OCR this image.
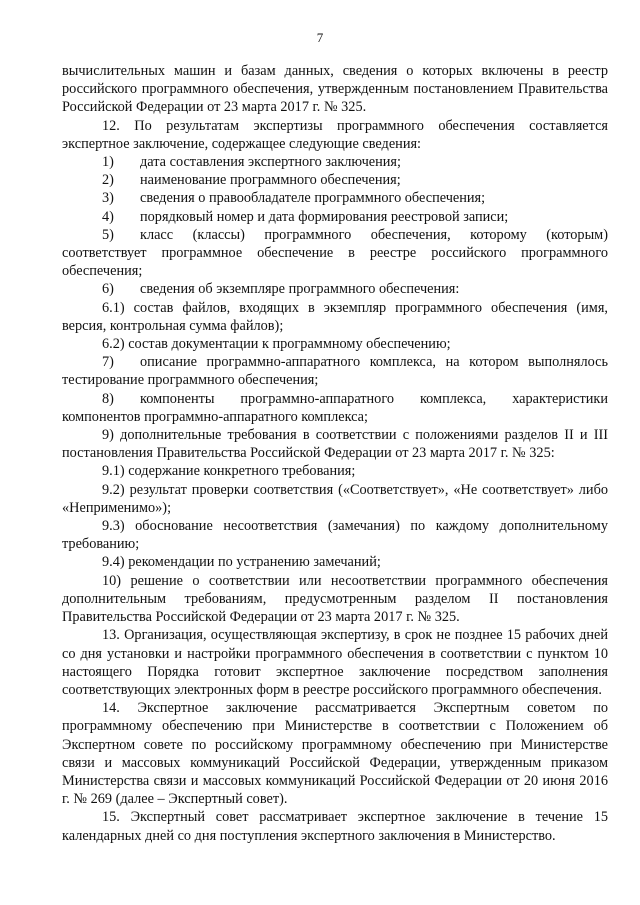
7

вычислительных машин и базам данных, сведения о которых включены в реестр российского программного обеспечения, утвержденным постановлением Правительства Российской Федерации от 23 марта 2017 г. № 325.

12. По результатам экспертизы программного обеспечения составляется экспертное заключение, содержащее следующие сведения:

1) дата составления экспертного заключения;

2) наименование программного обеспечения;

3) сведения о правообладателе программного обеспечения;

4) порядковый номер и дата формирования реестровой записи;

5) класс (классы) программного обеспечения, которому (которым) соответствует программное обеспечение в реестре российского программного обеспечения;

6) сведения об экземпляре программного обеспечения:

6.1) состав файлов, входящих в экземпляр программного обеспечения (имя, версия, контрольная сумма файлов);

6.2) состав документации к программному обеспечению;

7) описание программно-аппаратного комплекса, на котором выполнялось тестирование программного обеспечения;

8) компоненты программно-аппаратного комплекса, характеристики компонентов программно-аппаратного комплекса;

9) дополнительные требования в соответствии с положениями разделов II и III постановления Правительства Российской Федерации от 23 марта 2017 г. № 325:

9.1) содержание конкретного требования;

9.2) результат проверки соответствия («Соответствует», «Не соответствует» либо «Неприменимо»);

9.3) обоснование несоответствия (замечания) по каждому дополнительному требованию;

9.4) рекомендации по устранению замечаний;

10) решение о соответствии или несоответствии программного обеспечения дополнительным требованиям, предусмотренным разделом II постановления Правительства Российской Федерации от 23 марта 2017 г. № 325.

13. Организация, осуществляющая экспертизу, в срок не позднее 15 рабочих дней со дня установки и настройки программного обеспечения в соответствии с пунктом 10 настоящего Порядка готовит экспертное заключение посредством заполнения соответствующих электронных форм в реестре российского программного обеспечения.

14. Экспертное заключение рассматривается Экспертным советом по программному обеспечению при Министерстве в соответствии с Положением об Экспертном совете по российскому программному обеспечению при Министерстве связи и массовых коммуникаций Российской Федерации, утвержденным приказом Министерства связи и массовых коммуникаций Российской Федерации от 20 июня 2016 г. № 269 (далее – Экспертный совет).

15. Экспертный совет рассматривает экспертное заключение в течение 15 календарных дней со дня поступления экспертного заключения в Министерство.
